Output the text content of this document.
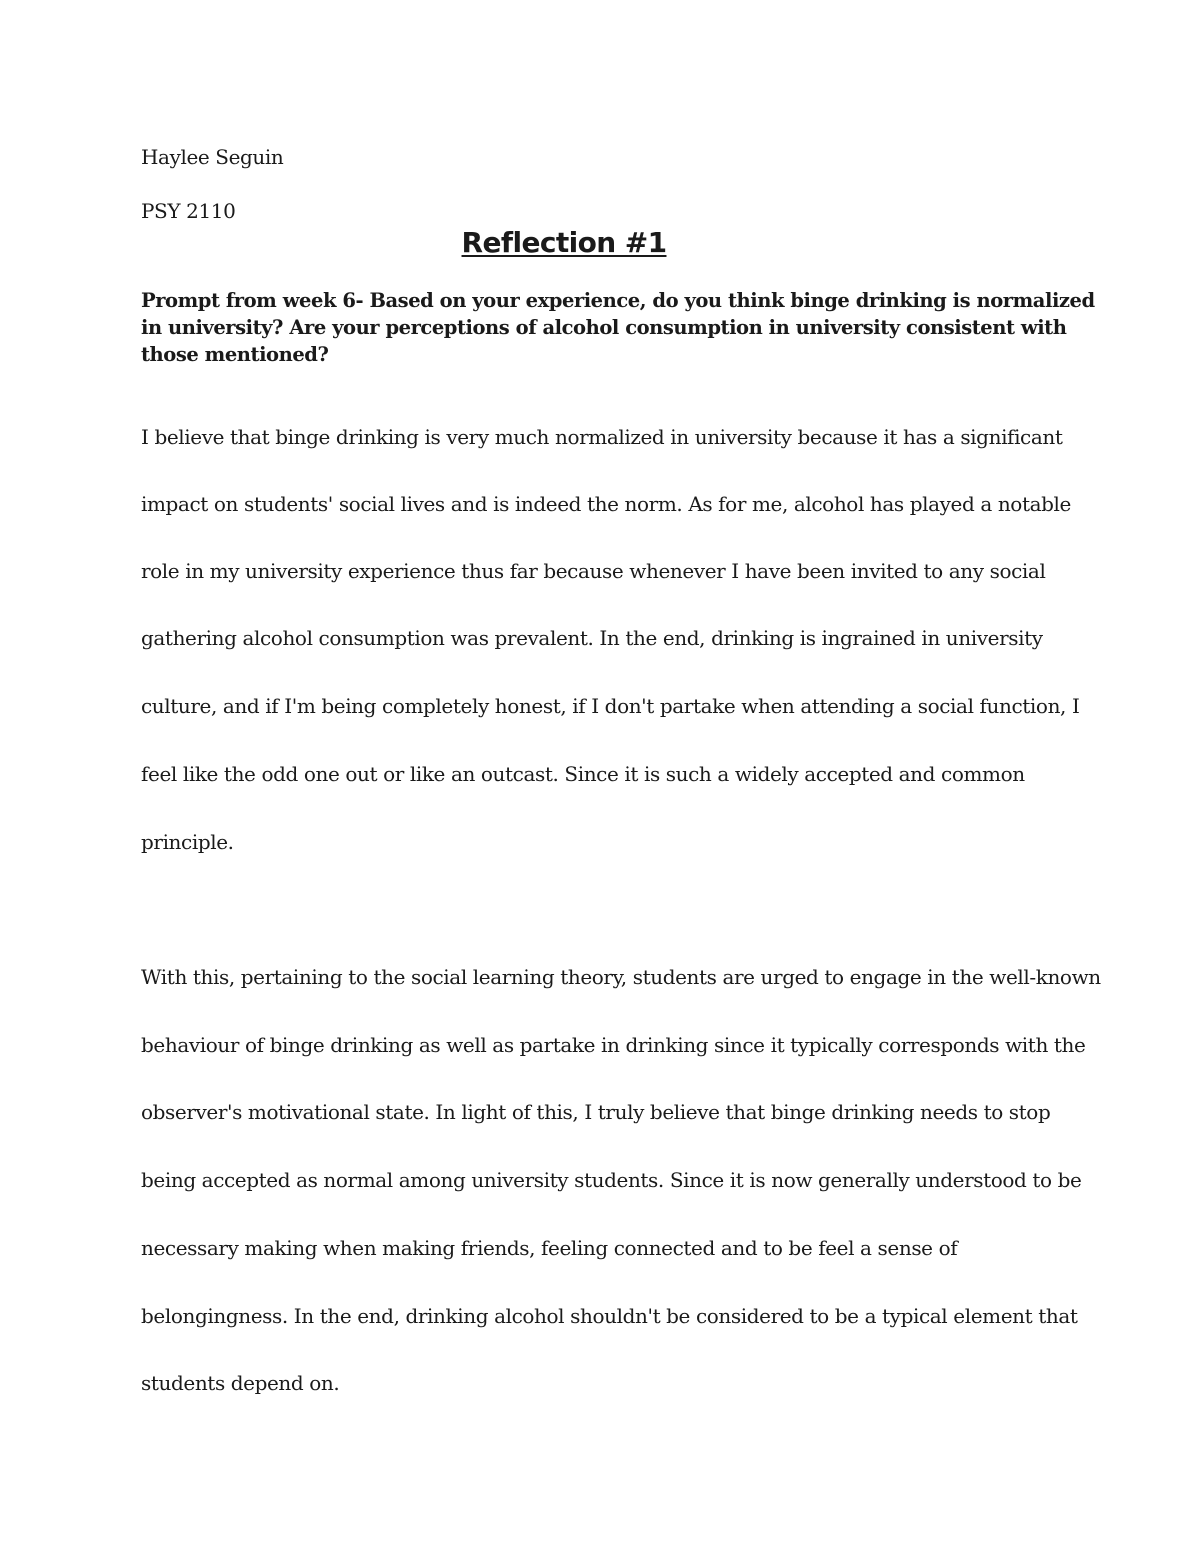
Haylee Seguin
PSY 2110
Reflection #1
Prompt from week 6- Based on your experience, do you think binge drinking is normalized
in university? Are your perceptions of alcohol consumption in university consistent with
those mentioned?
I believe that binge drinking is very much normalized in university because it has a significant
impact on students' social lives and is indeed the norm. As for me, alcohol has played a notable
role in my university experience thus far because whenever I have been invited to any social
gathering alcohol consumption was prevalent. In the end, drinking is ingrained in university
culture, and if I'm being completely honest, if I don't partake when attending a social function, I
feel like the odd one out or like an outcast. Since it is such a widely accepted and common
principle.
With this, pertaining to the social learning theory, students are urged to engage in the well-known
behaviour of binge drinking as well as partake in drinking since it typically corresponds with the
observer's motivational state. In light of this, I truly believe that binge drinking needs to stop
being accepted as normal among university students. Since it is now generally understood to be
necessary making when making friends, feeling connected and to be feel a sense of
belongingness. In the end, drinking alcohol shouldn't be considered to be a typical element that
students depend on.
